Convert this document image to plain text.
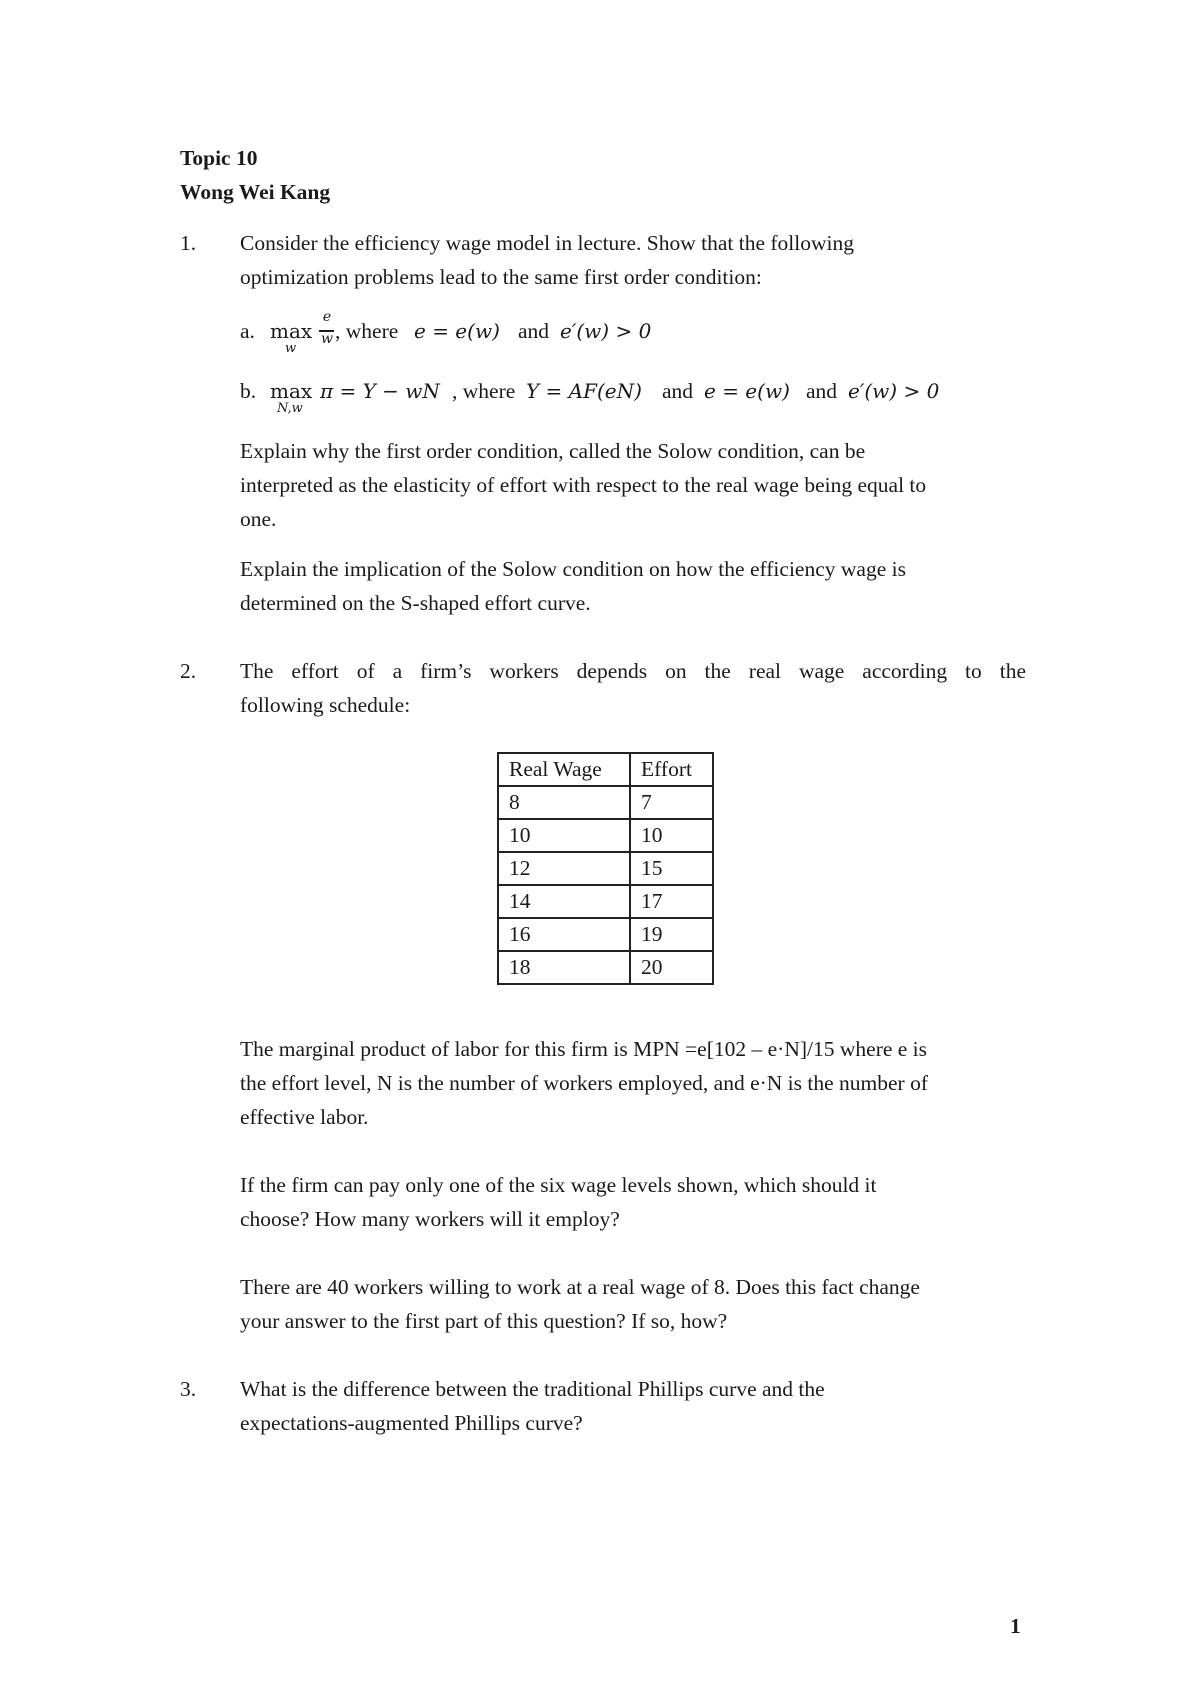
Topic 10
Wong Wei Kang
1. Consider the efficiency wage model in lecture. Show that the following
optimization problems lead to the same first order condition:
a. max
w
e
w , where e = e(w) and e′(w) > 0
b. max
N,w
π = Y − wN , where Y = AF(eN) and e = e(w) and e′(w) > 0
Explain why the first order condition, called the Solow condition, can be
interpreted as the elasticity of effort with respect to the real wage being equal to
one.
Explain the implication of the Solow condition on how the efficiency wage is
determined on the S-shaped effort curve.
2. The effort of a firm’s workers depends on the real wage according to the
following schedule:
Real Wage	Effort
8	7
10	10
12	15
14	17
16	19
18	20
The marginal product of labor for this firm is MPN =e[102 – e·N]/15 where e is
the effort level, N is the number of workers employed, and e·N is the number of
effective labor.
If the firm can pay only one of the six wage levels shown, which should it
choose? How many workers will it employ?
There are 40 workers willing to work at a real wage of 8. Does this fact change
your answer to the first part of this question? If so, how?
3. What is the difference between the traditional Phillips curve and the
expectations-augmented Phillips curve?
1
